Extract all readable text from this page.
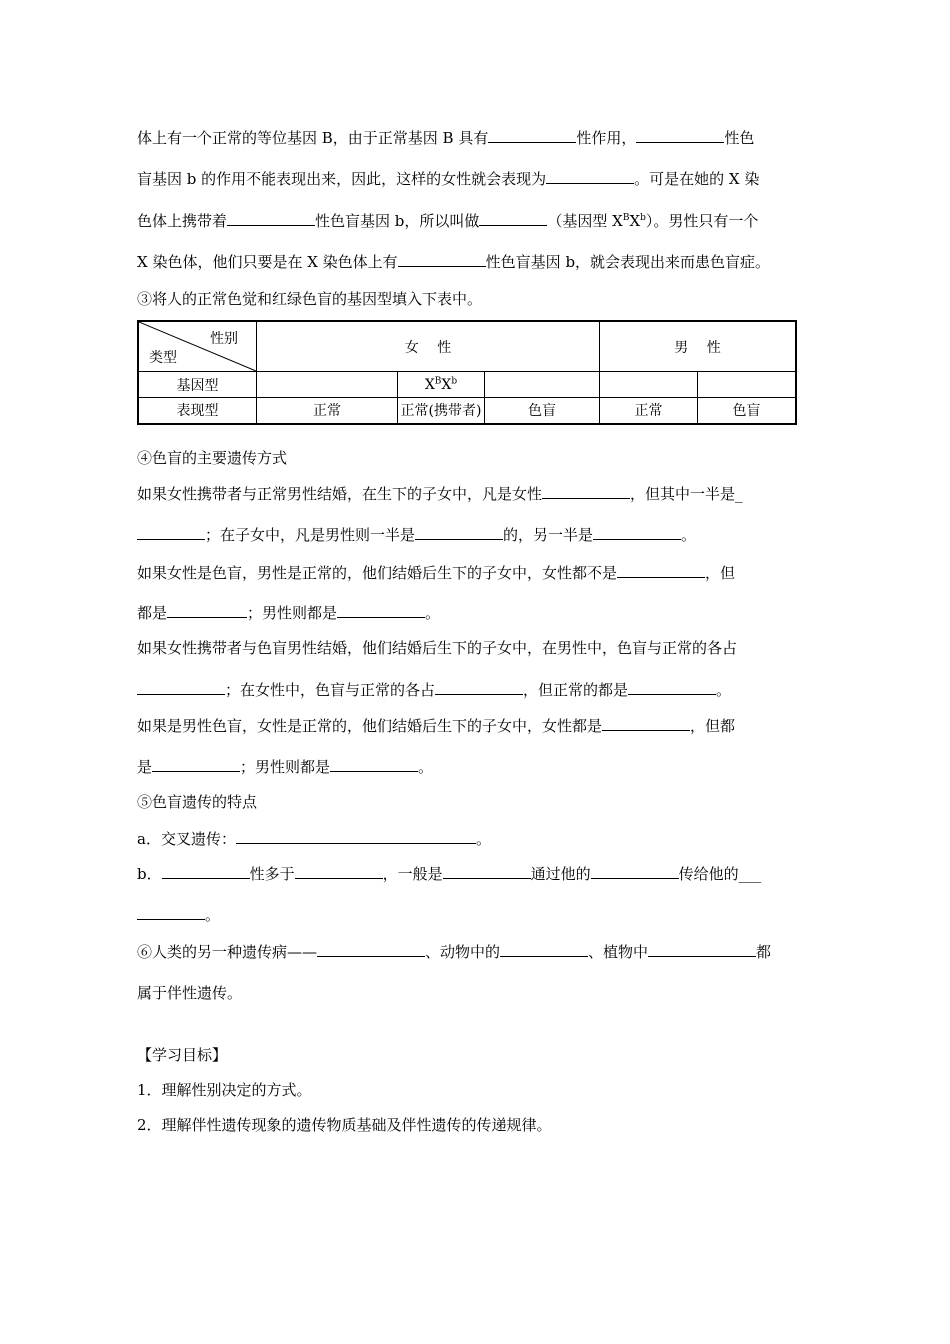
体上有一个正常的等位基因 B，由于正常基因 B 具有	性作用，	性色
盲基因 b 的作用不能表现出来，因此，这样的女性就会表现为	。可是在她的 X 染
色体上携带着	性色盲基因 b，所以叫做	（基因型 $X^BX^b$）。男性只有一个
X 染色体，他们只要是在 X 染色体上有	性色盲基因 b，就会表现出来而患色盲症。
③将人的正常色觉和红绿色盲的基因型填入下表中。
性别
类型	女　 性			男　 性	
基因型		$X^BX^b$			
表现型	正常	正常(携带者)	色盲	正常	色盲
④色盲的主要遗传方式
如果女性携带者与正常男性结婚，在生下的子女中，凡是女性	，但其中一半是_
；在子女中，凡是男性则一半是	的，另一半是	。
如果女性是色盲，男性是正常的，他们结婚后生下的子女中，女性都不是	，但
都是	；男性则都是	。
如果女性携带者与色盲男性结婚，他们结婚后生下的子女中，在男性中，色盲与正常的各占
；在女性中，色盲与正常的各占	，但正常的都是	。
如果是男性色盲，女性是正常的，他们结婚后生下的子女中，女性都是	，但都
是	；男性则都是	。
⑤色盲遗传的特点
a．交叉遗传：	。
b．	性多于	，一般是	通过他的	传给他的___
。
⑥人类的另一种遗传病——	、动物中的	、植物中	都
属于伴性遗传。
【学习目标】
1．理解性别决定的方式。
2．理解伴性遗传现象的遗传物质基础及伴性遗传的传递规律。
